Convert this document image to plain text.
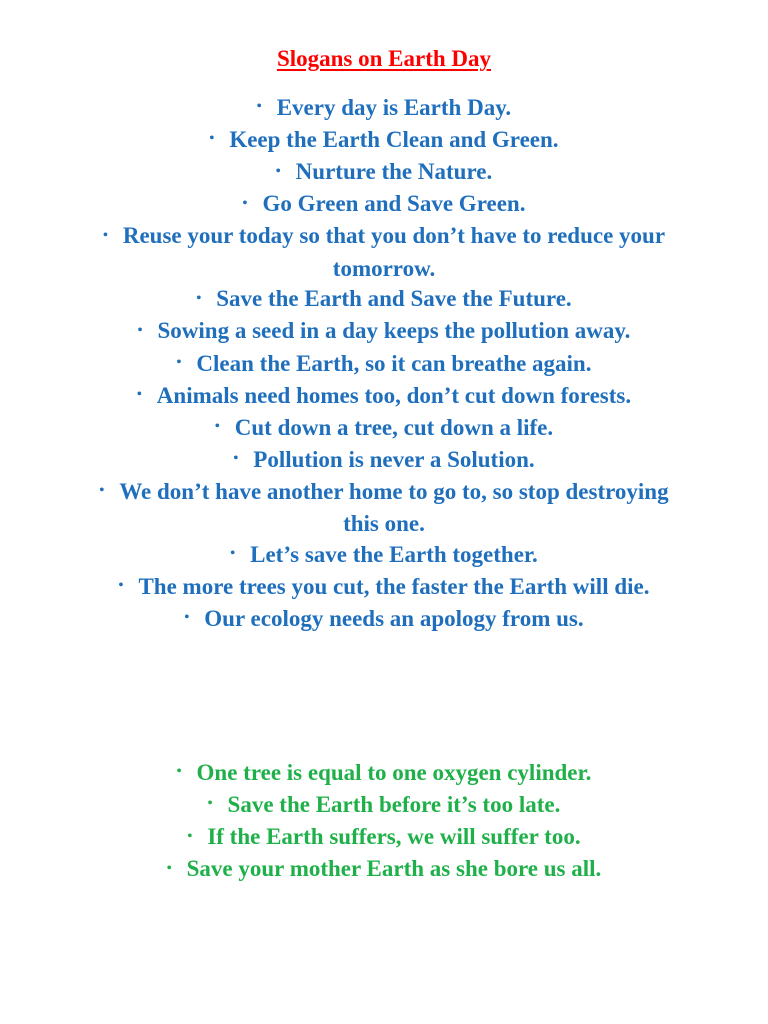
Slogans on Earth Day
• Every day is Earth Day.
• Keep the Earth Clean and Green.
• Nurture the Nature.
• Go Green and Save Green.
• Reuse your today so that you don’t have to reduce your tomorrow.
• Save the Earth and Save the Future.
• Sowing a seed in a day keeps the pollution away.
• Clean the Earth, so it can breathe again.
• Animals need homes too, don’t cut down forests.
• Cut down a tree, cut down a life.
• Pollution is never a Solution.
• We don’t have another home to go to, so stop destroying this one.
• Let’s save the Earth together.
• The more trees you cut, the faster the Earth will die.
• Our ecology needs an apology from us.
• One tree is equal to one oxygen cylinder.
• Save the Earth before it’s too late.
• If the Earth suffers, we will suffer too.
• Save your mother Earth as she bore us all.
